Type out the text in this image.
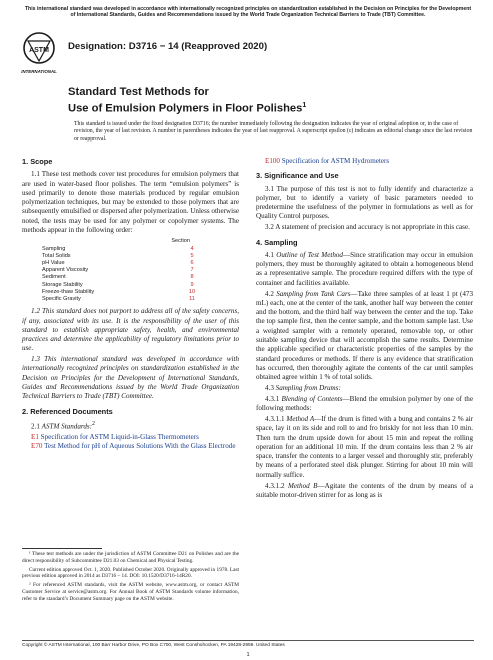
This international standard was developed in accordance with internationally recognized principles on standardization established in the Decision on Principles for the Development of International Standards, Guides and Recommendations issued by the World Trade Organization Technical Barriers to Trade (TBT) Committee.
ASTM
INTERNATIONAL
Designation: D3716 − 14 (Reapproved 2020)
Standard Test Methods for
Use of Emulsion Polymers in Floor Polishes$^1$
This standard is issued under the fixed designation D3716; the number immediately following the designation indicates the year of original adoption or, in the case of revision, the year of last revision. A number in parentheses indicates the year of last reapproval. A superscript epsilon (ε) indicates an editorial change since the last revision or reapproval.
1. Scope

1.1 These test methods cover test procedures for emulsion polymers that are used in water-based floor polishes. The term “emulsion polymers” is used primarily to denote those materials produced by regular emulsion polymerization techniques, but may be extended to those polymers that are subsequently emulsified or dispersed after polymerization. Unless otherwise noted, the tests may be used for any polymer or copolymer systems. The methods appear in the following order:

Section
Sampling	4
Total Solids	5
pH Value	6
Apparent Viscosity	7
Sediment	8
Storage Stability	9
Freeze-thaw Stability	10
Specific Gravity	11

1.2 This standard does not purport to address all of the safety concerns, if any, associated with its use. It is the responsibility of the user of this standard to establish appropriate safety, health, and environmental practices and determine the applicability of regulatory limitations prior to use.

1.3 This international standard was developed in accordance with internationally recognized principles on standardization established in the Decision on Principles for the Development of International Standards, Guides and Recommendations issued by the World Trade Organization Technical Barriers to Trade (TBT) Committee.

2. Referenced Documents

2.1 ASTM Standards:$^2$

E1 Specification for ASTM Liquid-in-Glass Thermometers
E70 Test Method for pH of Aqueous Solutions With the Glass Electrode

¹ These test methods are under the jurisdiction of ASTM Committee D21 on Polishes and are the direct responsibility of Subcommittee D21.03 on Chemical and Physical Testing.

Current edition approved Oct. 1, 2020. Published October 2020. Originally approved in 1978. Last previous edition approved in 2014 as D3716 – 14. DOI: 10.1520/D3716-14R20.

² For referenced ASTM standards, visit the ASTM website, www.astm.org, or contact ASTM Customer Service at service@astm.org. For Annual Book of ASTM Standards volume information, refer to the standard’s Document Summary page on the ASTM website.

E100 Specification for ASTM Hydrometers
3. Significance and Use

3.1 The purpose of this test is not to fully identify and characterize a polymer, but to identify a variety of basic parameters needed to predetermine the usefulness of the polymer in formulations as well as for Quality Control purposes.

3.2 A statement of precision and accuracy is not appropriate in this case.

4. Sampling

4.1 Outline of Test Method—Since stratification may occur in emulsion polymers, they must be thoroughly agitated to obtain a homogeneous blend as a representative sample. The procedure required differs with the type of container and facilities available.

4.2 Sampling from Tank Cars—Take three samples of at least 1 pt (473 mL) each, one at the center of the tank, another half way between the center and the bottom, and the third half way between the center and the top. Take the top sample first, then the center sample, and the bottom sample last. Use a weighted sampler with a remotely operated, removable top, or other suitable sampling device that will accomplish the same results. Determine the applicable specified or characteristic properties of the samples by the standard procedures or methods. If there is any evidence that stratification has occurred, then thoroughly agitate the contents of the car until samples obtained agree within 1 % of total solids.

4.3 Sampling from Drums:

4.3.1 Blending of Contents—Blend the emulsion polymer by one of the following methods:

4.3.1.1 Method A—If the drum is fitted with a bung and contains 2 % air space, lay it on its side and roll to and fro briskly for not less than 10 min. Then turn the drum upside down for about 15 min and repeat the rolling operation for an additional 10 min. If the drum contains less than 2 % air space, transfer the contents to a larger vessel and thoroughly stir, preferably by means of a perforated steel disk plunger. Stirring for about 10 min will normally suffice.

4.3.1.2 Method B—Agitate the contents of the drum by means of a suitable motor-driven stirrer for as long as is

Copyright © ASTM International, 100 Barr Harbor Drive, PO Box C700, West Conshohocken, PA 19428-2959. United States
1
